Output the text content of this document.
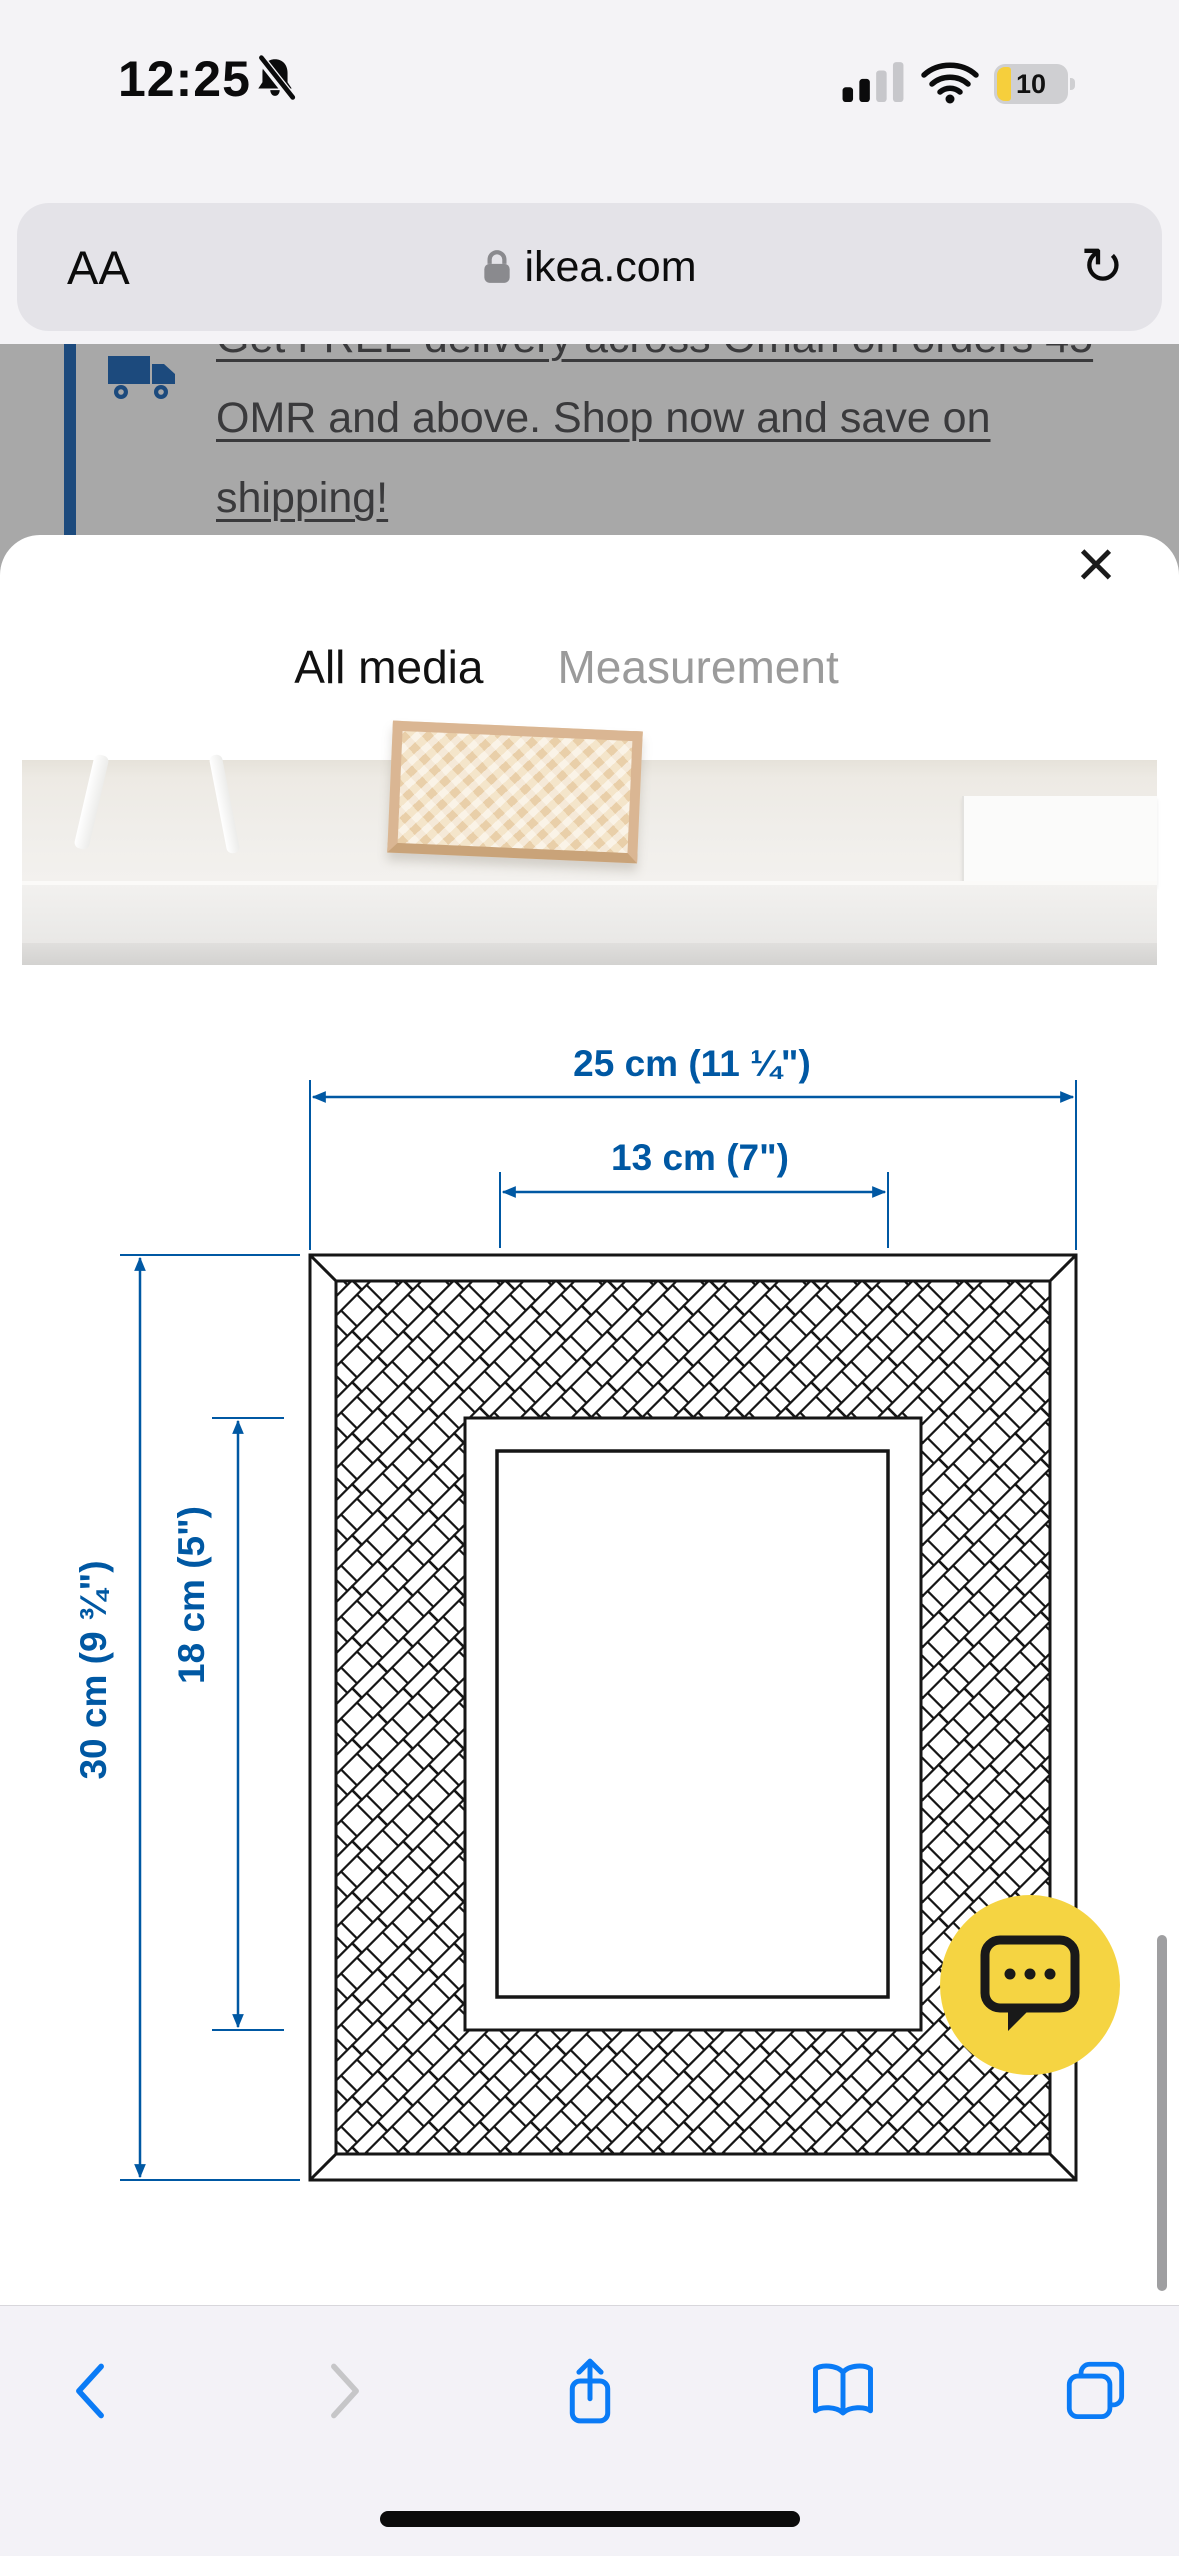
12:25	10
AA	ikea.com	↻
OMR and above. Shop now and save on
shipping!
×
All media Measurement
25 cm (11 ¼")
13 cm (7")
30 cm (9 ¾") 18 cm (5")
